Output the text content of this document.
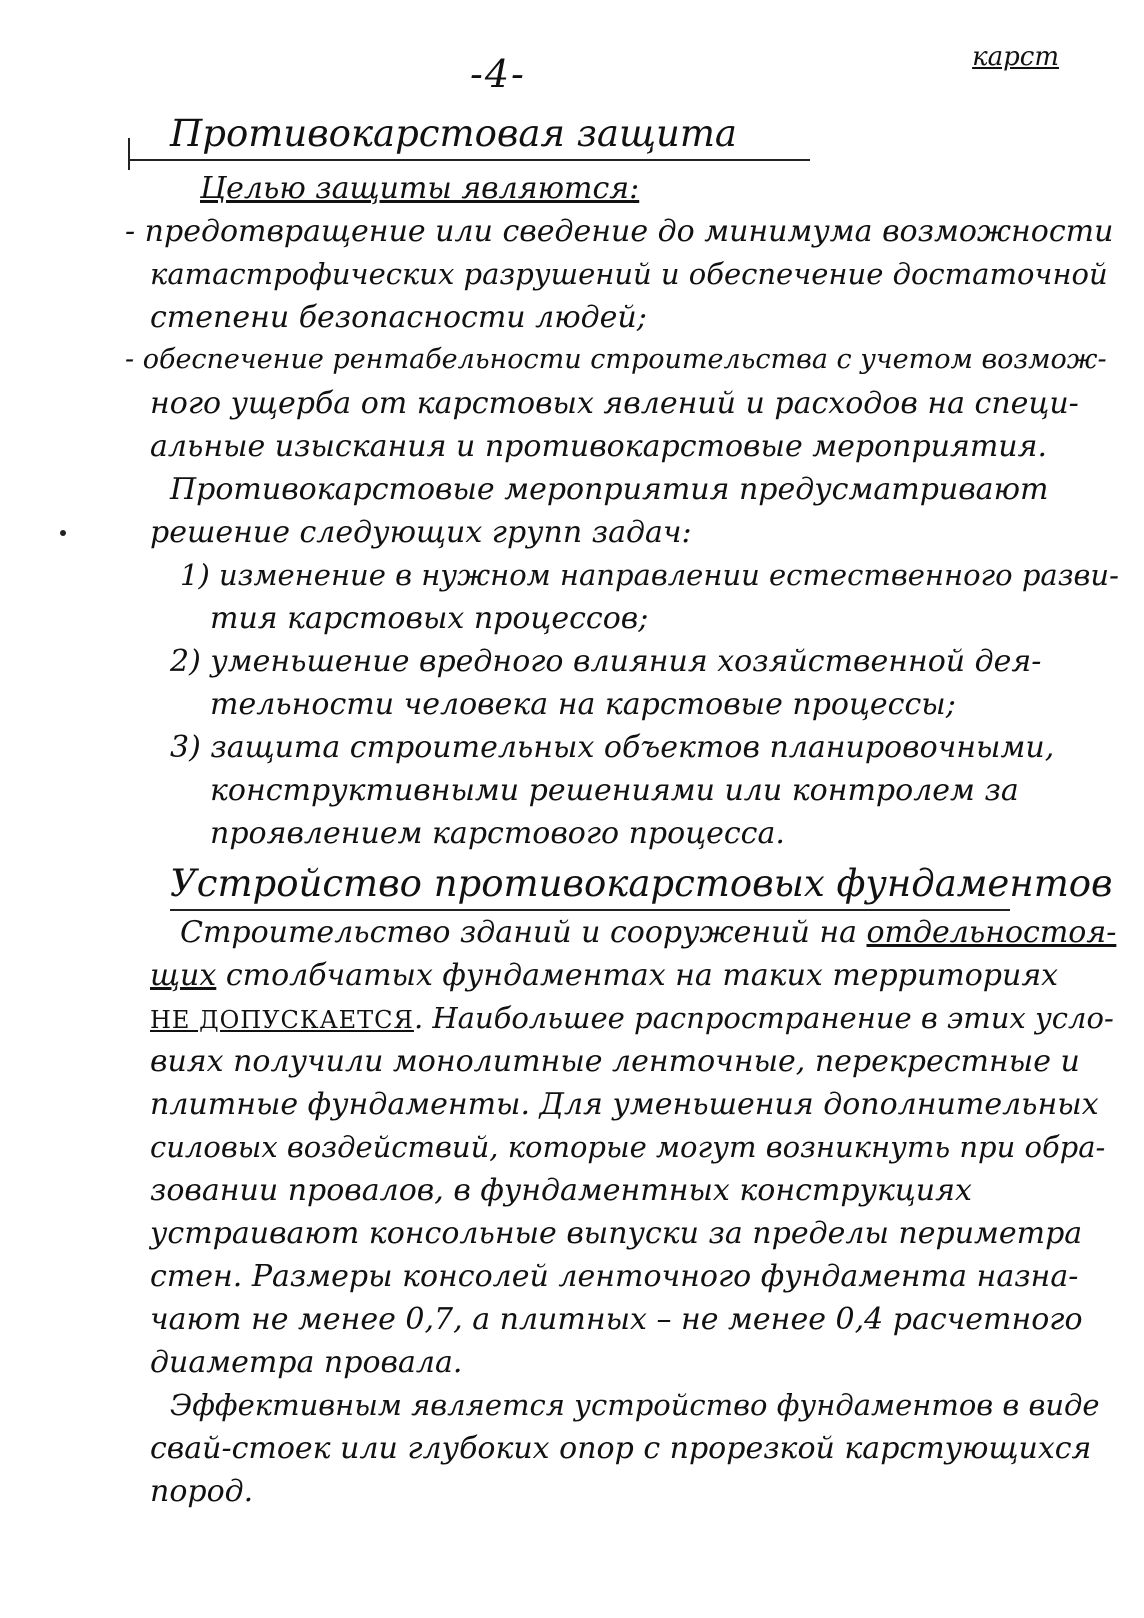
карст
-4-
Противокарстовая защита
Целью защиты являются:
- предотвращение или сведение до минимума возможности
катастрофических разрушений и обеспечение достаточной
степени безопасности людей;
- обеспечение рентабельности строительства с учетом возмож-
ного ущерба от карстовых явлений и расходов на специ-
альные изыскания и противокарстовые мероприятия.
Противокарстовые мероприятия предусматривают
решение следующих групп задач:
1) изменение в нужном направлении естественного разви-
тия карстовых процессов;
2) уменьшение вредного влияния хозяйственной дея-
тельности человека на карстовые процессы;
3) защита строительных объектов планировочными,
конструктивными решениями или контролем за
проявлением карстового процесса.
Устройство противокарстовых фундаментов
Строительство зданий и сооружений на отдельностоя-
щих столбчатых фундаментах на таких территориях
НЕ ДОПУСКАЕТСЯ. Наибольшее распространение в этих усло-
виях получили монолитные ленточные, перекрестные и
плитные фундаменты. Для уменьшения дополнительных
силовых воздействий, которые могут возникнуть при обра-
зовании провалов, в фундаментных конструкциях
устраивают консольные выпуски за пределы периметра
стен. Размеры консолей ленточного фундамента назна-
чают не менее 0,7, а плитных – не менее 0,4 расчетного
диаметра провала.
Эффективным является устройство фундаментов в виде
свай-стоек или глубоких опор с прорезкой карстующихся
пород.
